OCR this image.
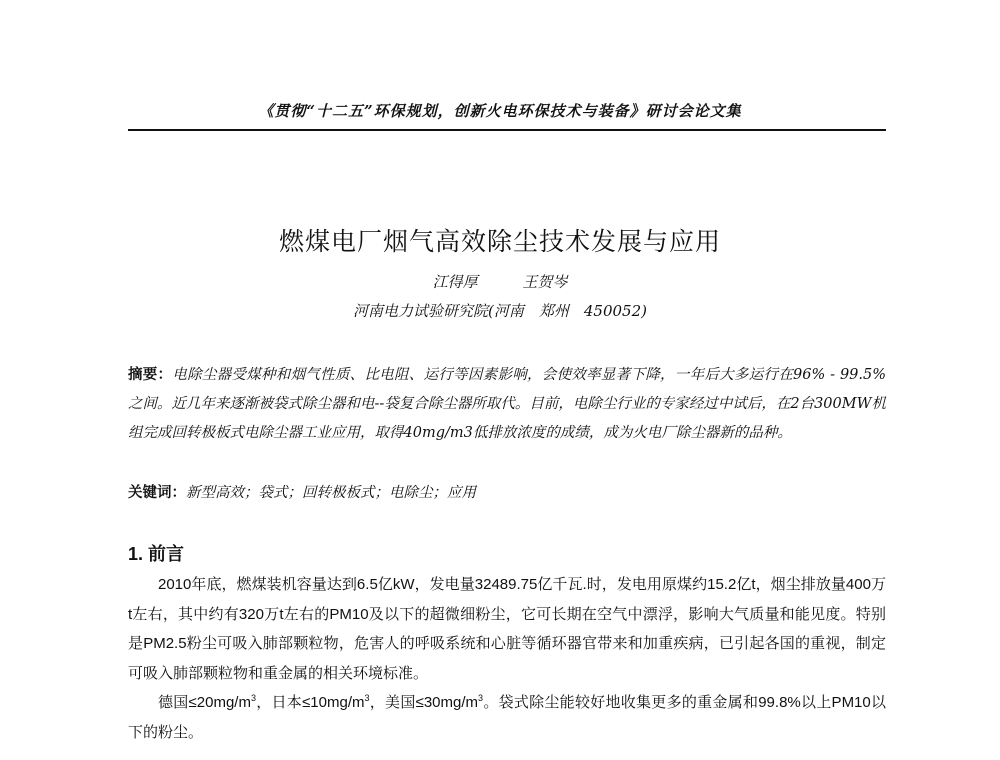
《贯彻“十二五”环保规划，创新火电环保技术与装备》研讨会论文集
燃煤电厂烟气高效除尘技术发展与应用
江得厚	王贺岑
河南电力试验研究院(河南　郑州　450052)
摘要：电除尘器受煤种和烟气性质、比电阻、运行等因素影响，会使效率显著下降，一年后大多运行在96% - 99.5%之间。近几年来逐渐被袋式除尘器和电--袋复合除尘器所取代。目前，电除尘行业的专家经过中试后，在2台300MW机组完成回转极板式电除尘器工业应用，取得40mg/m3低排放浓度的成绩，成为火电厂除尘器新的品种。
关键词：新型高效；袋式；回转极板式；电除尘；应用
1. 前言
2010年底，燃煤装机容量达到6.5亿kW，发电量32489.75亿千瓦.时，发电用原煤约15.2亿t，烟尘排放量400万t左右，其中约有320万t左右的PM10及以下的超微细粉尘，它可长期在空气中漂浮，影响大气质量和能见度。特别是PM2.5粉尘可吸入肺部颗粒物，危害人的呼吸系统和心脏等循环器官带来和加重疾病，已引起各国的重视，制定可吸入肺部颗粒物和重金属的相关环境标准。
德国$\le 20mg/m^3$，日本$\le 10mg/m^3$，美国$\le 30mg/m^3$。袋式除尘能较好地收集更多的重金属和99.8%以上PM10以下的粉尘。
